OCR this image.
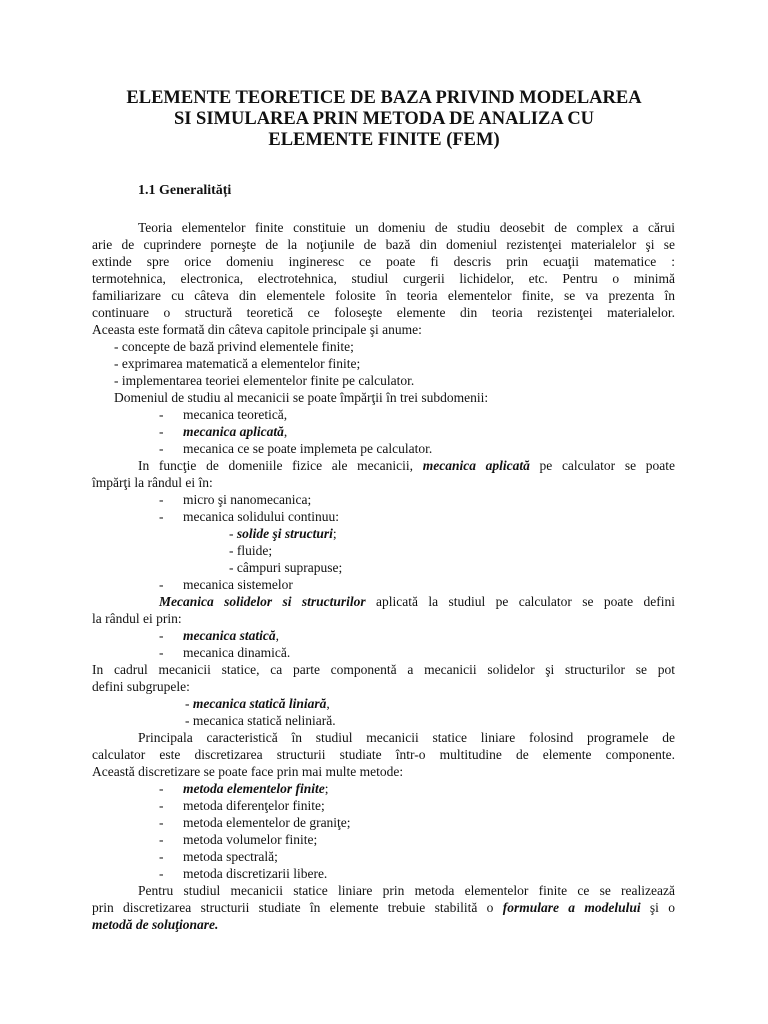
ELEMENTE TEORETICE DE BAZA PRIVIND MODELAREA
SI SIMULAREA PRIN METODA DE ANALIZA CU
ELEMENTE FINITE (FEM)
1.1 Generalități
Teoria elementelor finite constituie un domeniu de studiu deosebit de complex a cărui
arie de cuprindere porneşte de la noţiunile de bază din domeniul rezistenţei materialelor şi se
extinde spre orice domeniu ingineresc ce poate fi descris prin ecuaţii matematice :
termotehnica, electronica, electrotehnica, studiul curgerii lichidelor, etc. Pentru o minimă
familiarizare cu câteva din elementele folosite în teoria elementelor finite, se va prezenta în
continuare o structură teoretică ce foloseşte elemente din teoria rezistenţei materialelor.
Aceasta este formată din câteva capitole principale şi anume:
- concepte de bază privind elementele finite;
- exprimarea matematică a elementelor finite;
- implementarea teoriei elementelor finite pe calculator.
Domeniul de studiu al mecanicii se poate împărţii în trei subdomenii:
- mecanica teoretică,
- mecanica aplicată,
- mecanica ce se poate implemeta pe calculator.
In funcţie de domeniile fizice ale mecanicii, mecanica aplicată pe calculator se poate
împărţi la rândul ei în:
- micro şi nanomecanica;
- mecanica solidului continuu:
- solide şi structuri;
- fluide;
- câmpuri suprapuse;
- mecanica sistemelor
Mecanica solidelor si structurilor aplicată la studiul pe calculator se poate defini
la rândul ei prin:
- mecanica statică,
- mecanica dinamică.
In cadrul mecanicii statice, ca parte componentă a mecanicii solidelor şi structurilor se pot
defini subgrupele:
- mecanica statică liniară,
- mecanica statică neliniară.
Principala caracteristică în studiul mecanicii statice liniare folosind programele de
calculator este discretizarea structurii studiate într-o multitudine de elemente componente.
Această discretizare se poate face prin mai multe metode:
- metoda elementelor finite;
- metoda diferenţelor finite;
- metoda elementelor de graniţe;
- metoda volumelor finite;
- metoda spectrală;
- metoda discretizarii libere.
Pentru studiul mecanicii statice liniare prin metoda elementelor finite ce se realizează
prin discretizarea structurii studiate în elemente trebuie stabilită o formulare a modelului şi o
metodă de soluţionare.
